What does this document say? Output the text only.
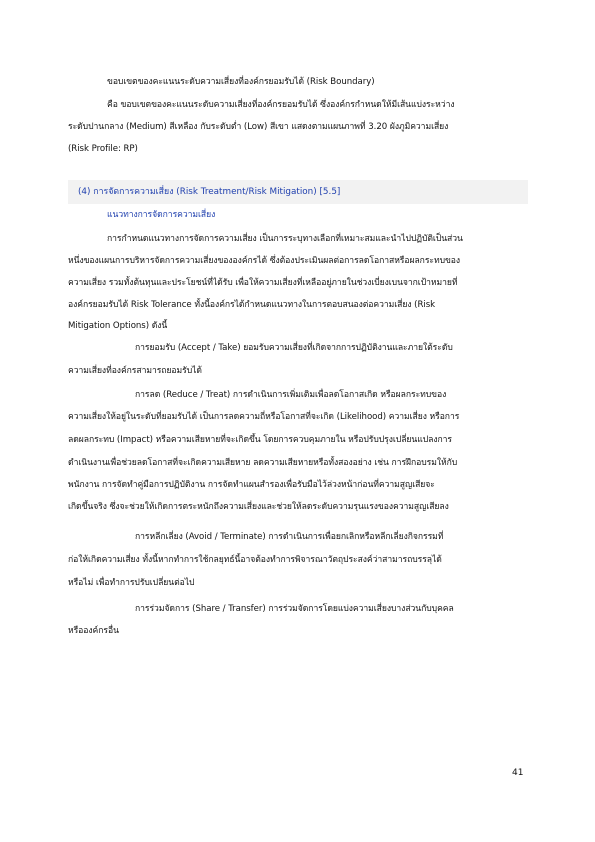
ขอบเขตของคะแนนระดับความเสี่ยงที่องค์กรยอมรับได้ (Risk Boundary)
คือ ขอบเขตของคะแนนระดับความเสี่ยงที่องค์กรยอมรับได้ ซึ่งองค์กรกำหนดให้มีเส้นแบ่งระหว่าง
ระดับปานกลาง (Medium) สีเหลือง กับระดับต่ำ (Low) สีเขา แสดงตามแผนภาพที่ 3.20 ผังภูมิความเสี่ยง
(Risk Profile: RP)
(4) การจัดการความเสี่ยง (Risk Treatment/Risk Mitigation) [5.5]
แนวทางการจัดการความเสี่ยง
การกำหนดแนวทางการจัดการความเสี่ยง เป็นการระบุทางเลือกที่เหมาะสมและนำไปปฏิบัติเป็นส่วน
หนึ่งของแผนการบริหารจัดการความเสี่ยงขององค์กรได้ ซึ่งต้องประเมินผลต่อการลดโอกาสหรือผลกระทบของ
ความเสี่ยง รวมทั้งต้นทุนและประโยชน์ที่ได้รับ เพื่อให้ความเสี่ยงที่เหลืออยู่ภายในช่วงเบี่ยงเบนจากเป้าหมายที่
องค์กรยอมรับได้ Risk Tolerance ทั้งนี้องค์กรได้กำหนดแนวทางในการตอบสนองต่อความเสี่ยง (Risk
Mitigation Options) ดังนี้
การยอมรับ (Accept / Take) ยอมรับความเสี่ยงที่เกิดจากการปฏิบัติงานและภายใต้ระดับ
ความเสี่ยงที่องค์กรสามารถยอมรับได้
การลด (Reduce / Treat) การดำเนินการเพิ่มเติมเพื่อลดโอกาสเกิด หรือผลกระทบของ
ความเสี่ยงให้อยู่ในระดับที่ยอมรับได้ เป็นการลดความถี่หรือโอกาสที่จะเกิด (Likelihood) ความเสี่ยง หรือการ
ลดผลกระทบ (Impact) หรือความเสียหายที่จะเกิดขึ้น โดยการควบคุมภายใน หรือปรับปรุงเปลี่ยนแปลงการ
ดำเนินงานเพื่อช่วยลดโอกาสที่จะเกิดความเสียหาย ลดความเสียหายหรือทั้งสองอย่าง เช่น การฝึกอบรมให้กับ
พนักงาน การจัดทำคู่มือการปฏิบัติงาน การจัดทำแผนสำรองเพื่อรับมือไว้ล่วงหน้าก่อนที่ความสูญเสียจะ
เกิดขึ้นจริง ซึ่งจะช่วยให้เกิดการตระหนักถึงความเสี่ยงและช่วยให้ลดระดับความรุนแรงของความสูญเสียลง
การหลีกเลี่ยง (Avoid / Terminate) การดำเนินการเพื่อยกเลิกหรือหลีกเลี่ยงกิจกรรมที่
ก่อให้เกิดความเสี่ยง ทั้งนี้หากทำการใช้กลยุทธ์นี้อาจต้องทำการพิจารณาวัตถุประสงค์ว่าสามารถบรรลุได้
หรือไม่ เพื่อทำการปรับเปลี่ยนต่อไป
การร่วมจัดการ (Share / Transfer) การร่วมจัดการโดยแบ่งความเสี่ยงบางส่วนกับบุคคล
หรือองค์กรอื่น
41
